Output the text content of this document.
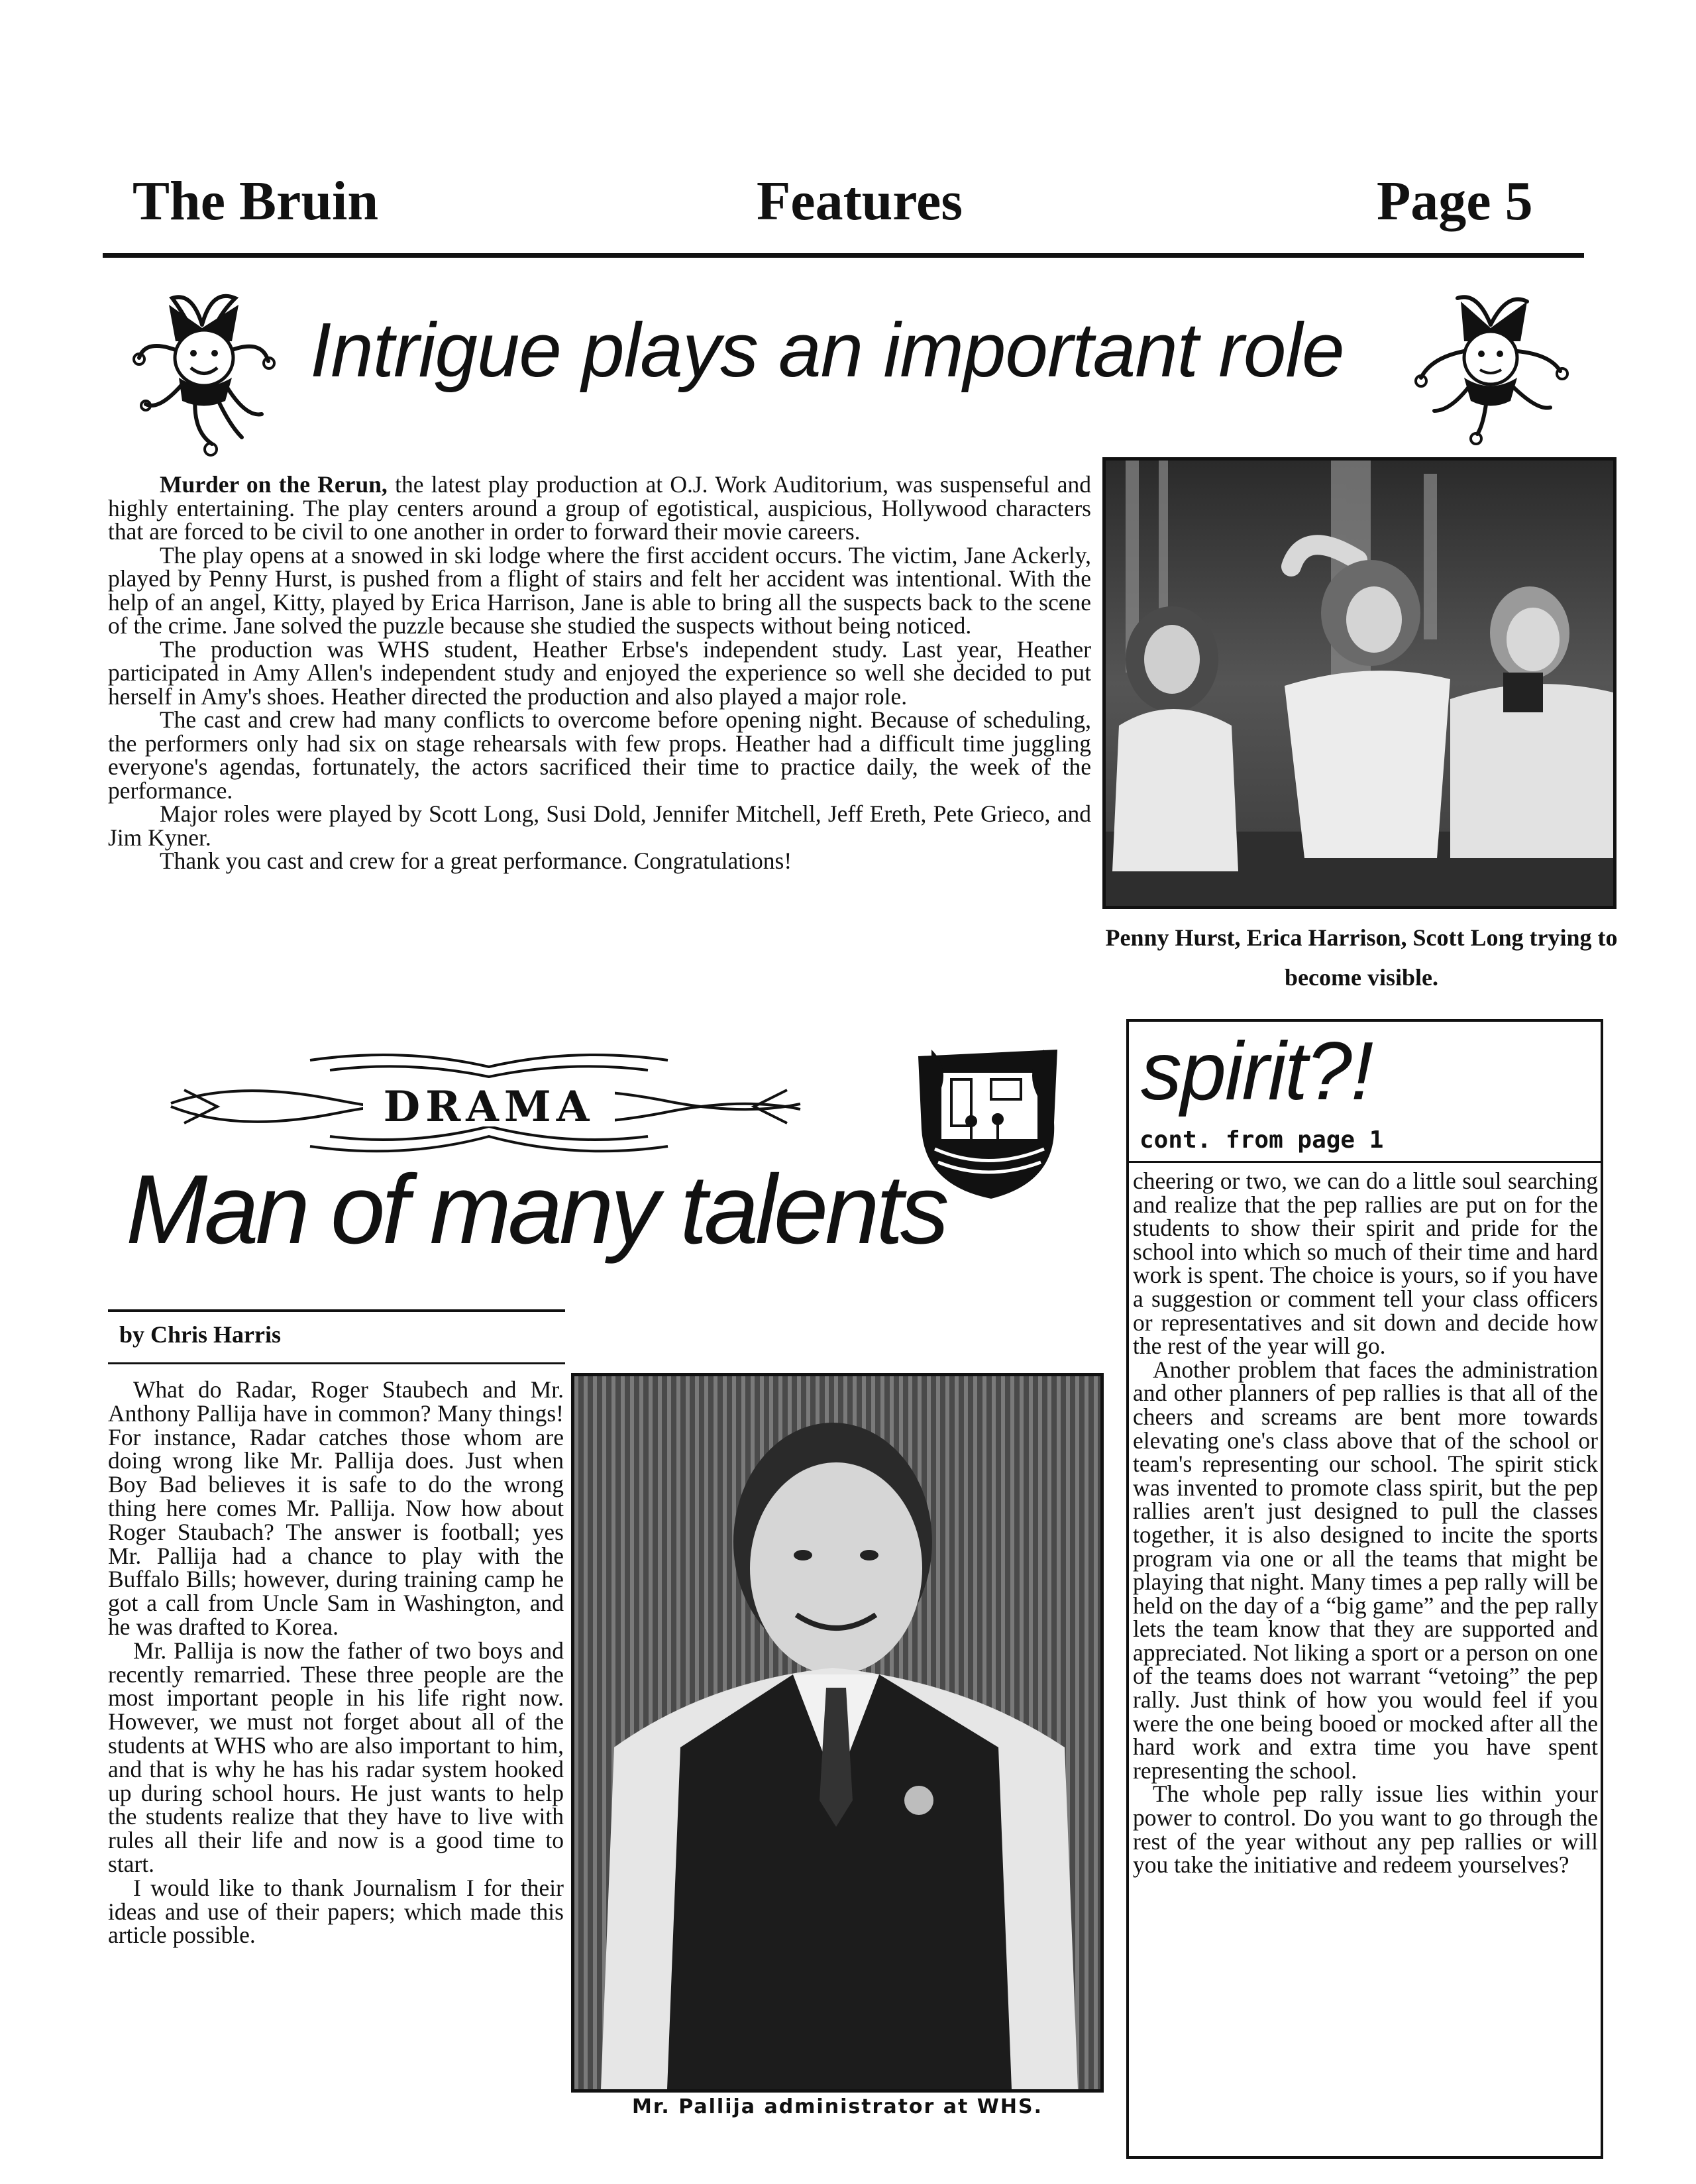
The Bruin	Features	Page 5
Intrigue plays an important role

Murder on the Rerun, the latest play production at O.J. Work Auditorium, was suspenseful and highly entertaining. The play centers around a group of egotistical, auspicious, Hollywood characters that are forced to be civil to one another in order to forward their movie careers.

The play opens at a snowed in ski lodge where the first accident occurs. The victim, Jane Ackerly, played by Penny Hurst, is pushed from a flight of stairs and felt her accident was intentional. With the help of an angel, Kitty, played by Erica Harrison, Jane is able to bring all the suspects back to the scene of the crime. Jane solved the puzzle because she studied the suspects without being noticed.

The production was WHS student, Heather Erbse's independent study. Last year, Heather participated in Amy Allen's independent study and enjoyed the experience so well she decided to put herself in Amy's shoes. Heather directed the production and also played a major role.

The cast and crew had many conflicts to overcome before opening night. Because of scheduling, the performers only had six on stage rehearsals with few props. Heather had a difficult time juggling everyone's agendas, fortunately, the actors sacrificed their time to practice daily, the week of the performance.

Major roles were played by Scott Long, Susi Dold, Jennifer Mitchell, Jeff Ereth, Pete Grieco, and Jim Kyner.

Thank you cast and crew for a great performance. Congratulations!

Penny Hurst, Erica Harrison, Scott Long trying to become visible.
DRAMA
Man of many talents
by Chris Harris

What do Radar, Roger Staubech and Mr. Anthony Pallija have in common? Many things! For instance, Radar catches those whom are doing wrong like Mr. Pallija does. Just when Boy Bad believes it is safe to do the wrong thing here comes Mr. Pallija. Now how about Roger Staubach? The answer is football; yes Mr. Pallija had a chance to play with the Buffalo Bills; however, during training camp he got a call from Uncle Sam in Washington, and he was drafted to Korea.

Mr. Pallija is now the father of two boys and recently remarried. These three people are the most important people in his life right now. However, we must not forget about all of the students at WHS who are also important to him, and that is why he has his radar system hooked up during school hours. He just wants to help the students realize that they have to live with rules all their life and now is a good time to start.

I would like to thank Journalism I for their ideas and use of their papers; which made this article possible.

Mr. Pallija administrator at WHS.
spirit?!
cont. from page 1

cheering or two, we can do a little soul searching and realize that the pep rallies are put on for the students to show their spirit and pride for the school into which so much of their time and hard work is spent. The choice is yours, so if you have a suggestion or comment tell your class officers or representatives and sit down and decide how the rest of the year will go.

Another problem that faces the administration and other planners of pep rallies is that all of the cheers and screams are bent more towards elevating one's class above that of the school or team's representing our school. The spirit stick was invented to promote class spirit, but the pep rallies aren't just designed to pull the classes together, it is also designed to incite the sports program via one or all the teams that might be playing that night. Many times a pep rally will be held on the day of a “big game” and the pep rally lets the team know that they are supported and appreciated. Not liking a sport or a person on one of the teams does not warrant “vetoing” the pep rally. Just think of how you would feel if you were the one being booed or mocked after all the hard work and extra time you have spent representing the school.

The whole pep rally issue lies within your power to control. Do you want to go through the rest of the year without any pep rallies or will you take the initiative and redeem yourselves?
